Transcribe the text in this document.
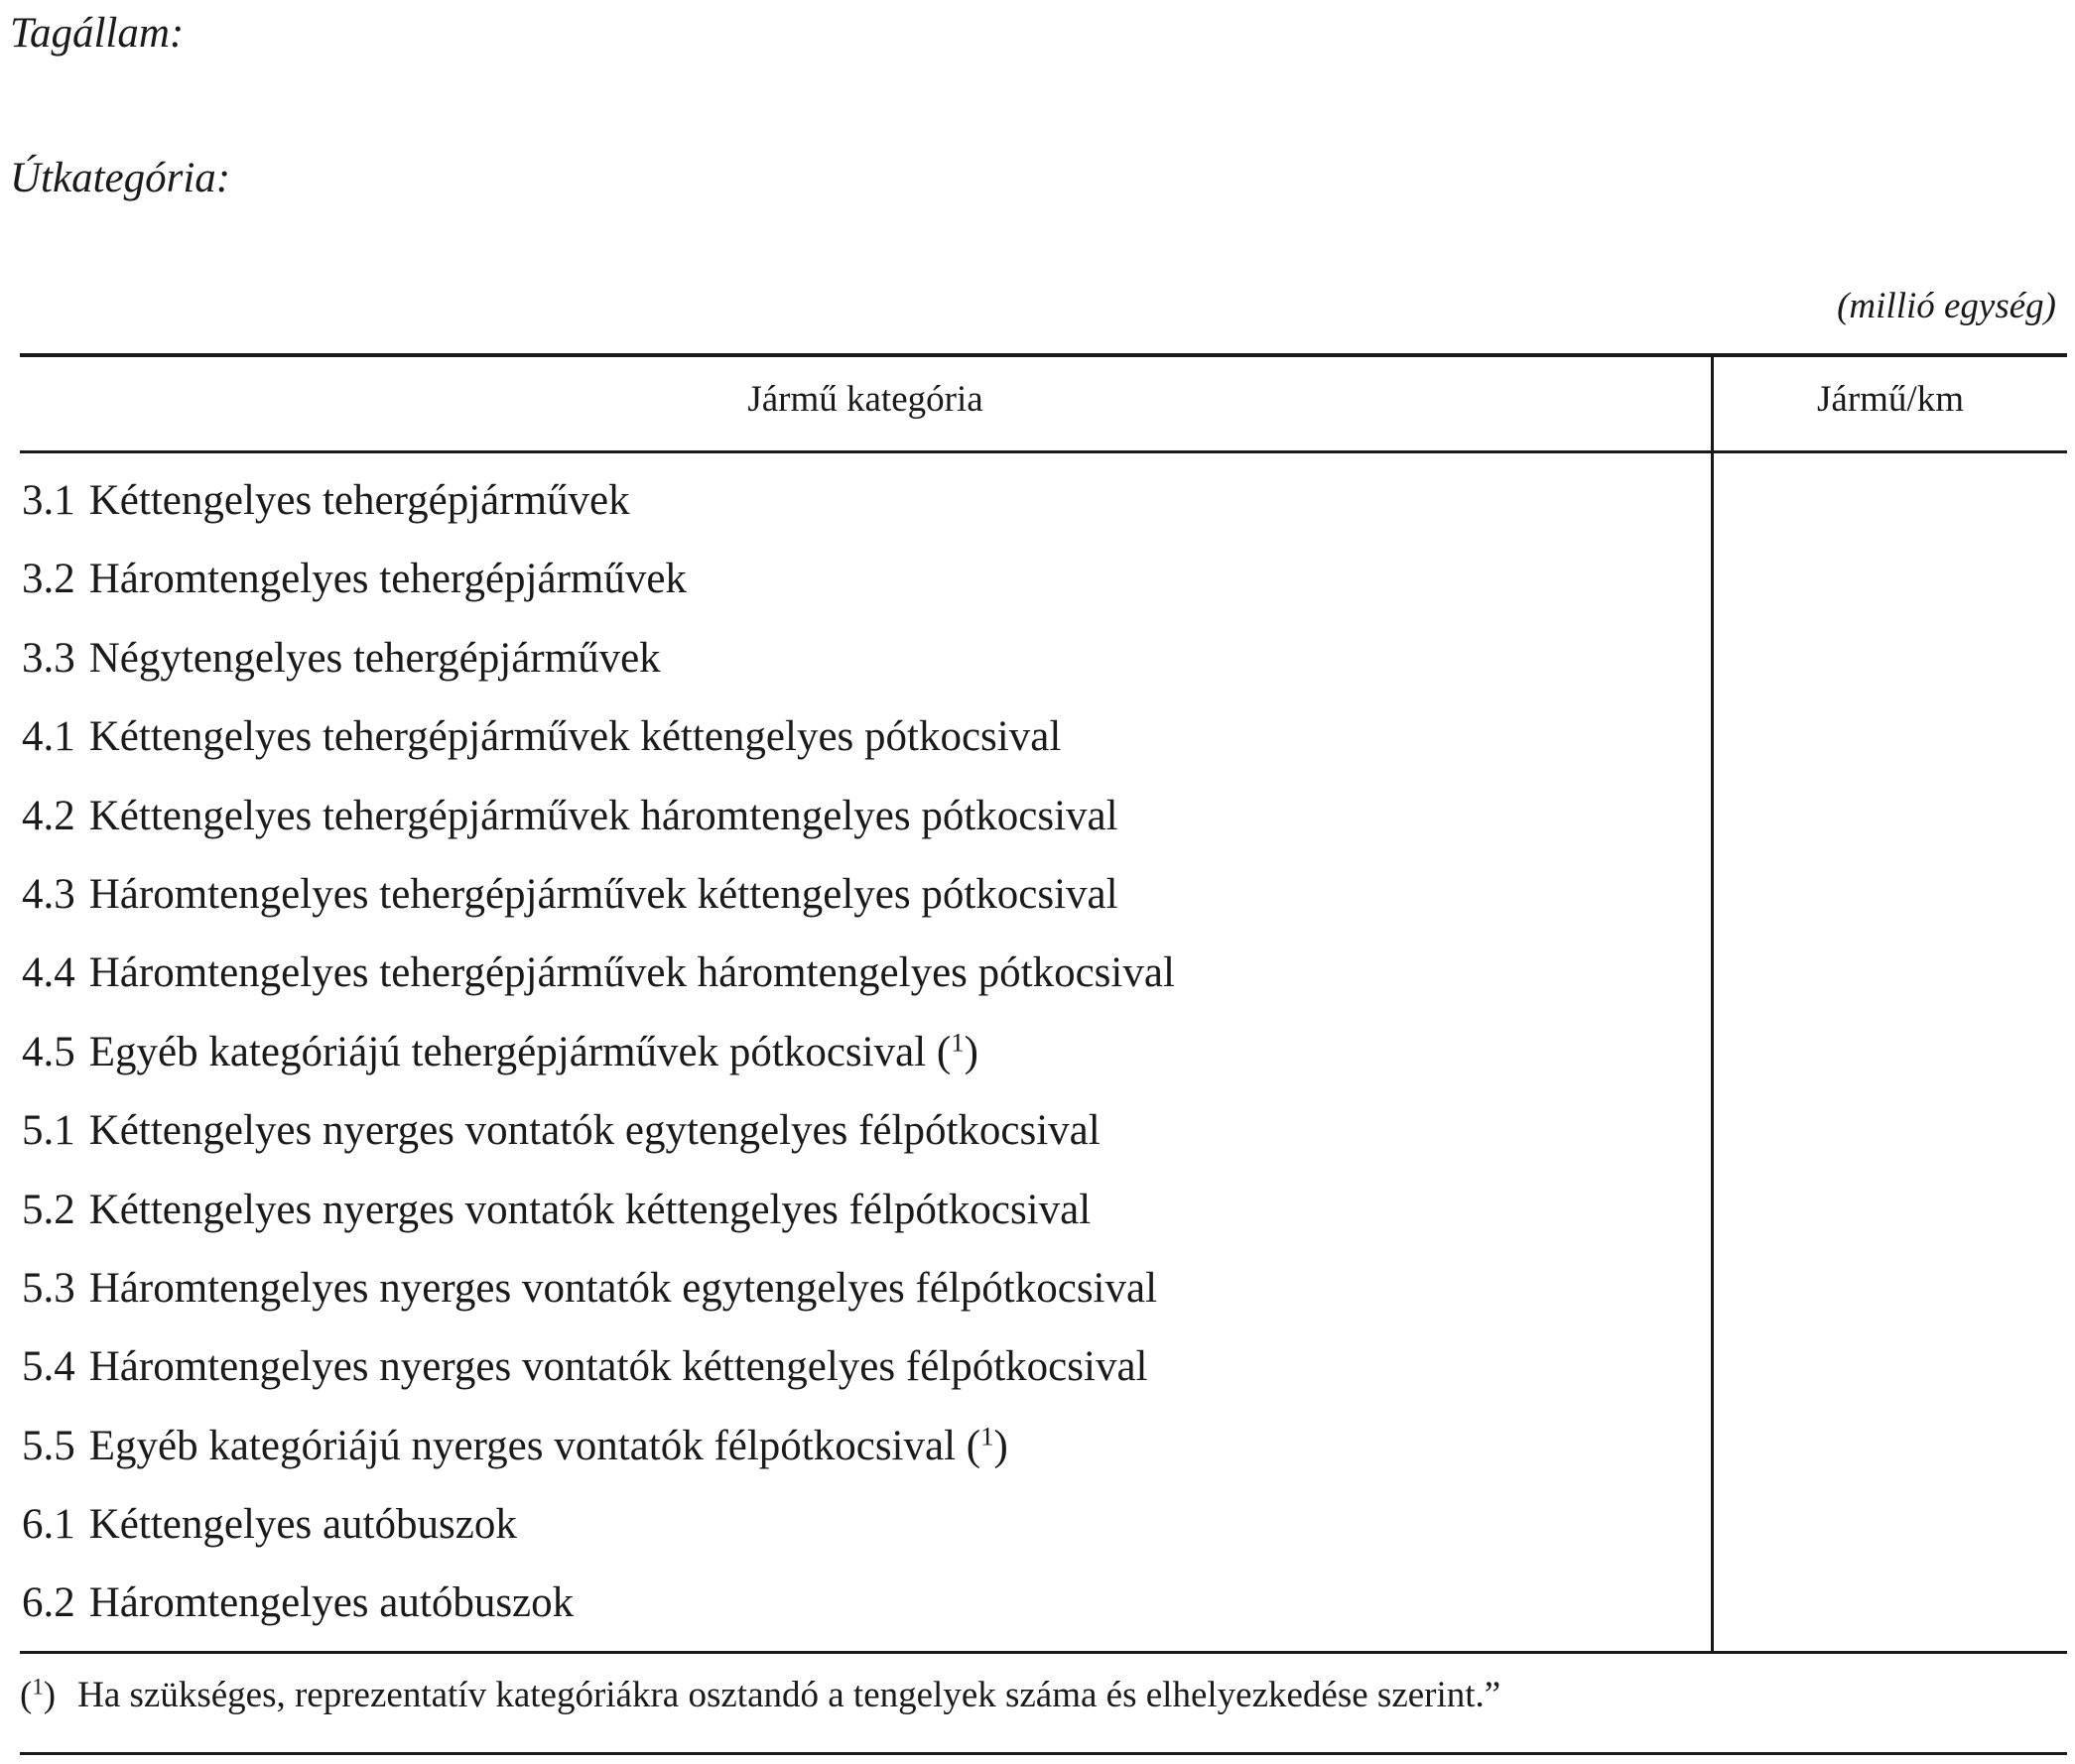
Tagállam:
Útkategória:
(millió egység)
Jármű kategória	Jármű/km
3.1 Kéttengelyes tehergépjárművek
3.2 Háromtengelyes tehergépjárművek
3.3 Négytengelyes tehergépjárművek
4.1 Kéttengelyes tehergépjárművek kéttengelyes pótkocsival
4.2 Kéttengelyes tehergépjárművek háromtengelyes pótkocsival
4.3 Háromtengelyes tehergépjárművek kéttengelyes pótkocsival
4.4 Háromtengelyes tehergépjárművek háromtengelyes pótkocsival
4.5 Egyéb kategóriájú tehergépjárművek pótkocsival ($^1$)
5.1 Kéttengelyes nyerges vontatók egytengelyes félpótkocsival
5.2 Kéttengelyes nyerges vontatók kéttengelyes félpótkocsival
5.3 Háromtengelyes nyerges vontatók egytengelyes félpótkocsival
5.4 Háromtengelyes nyerges vontatók kéttengelyes félpótkocsival
5.5 Egyéb kategóriájú nyerges vontatók félpótkocsival ($^1$)
6.1 Kéttengelyes autóbuszok
6.2 Háromtengelyes autóbuszok
($^1$) Ha szükséges, reprezentatív kategóriákra osztandó a tengelyek száma és elhelyezkedése szerint.”
